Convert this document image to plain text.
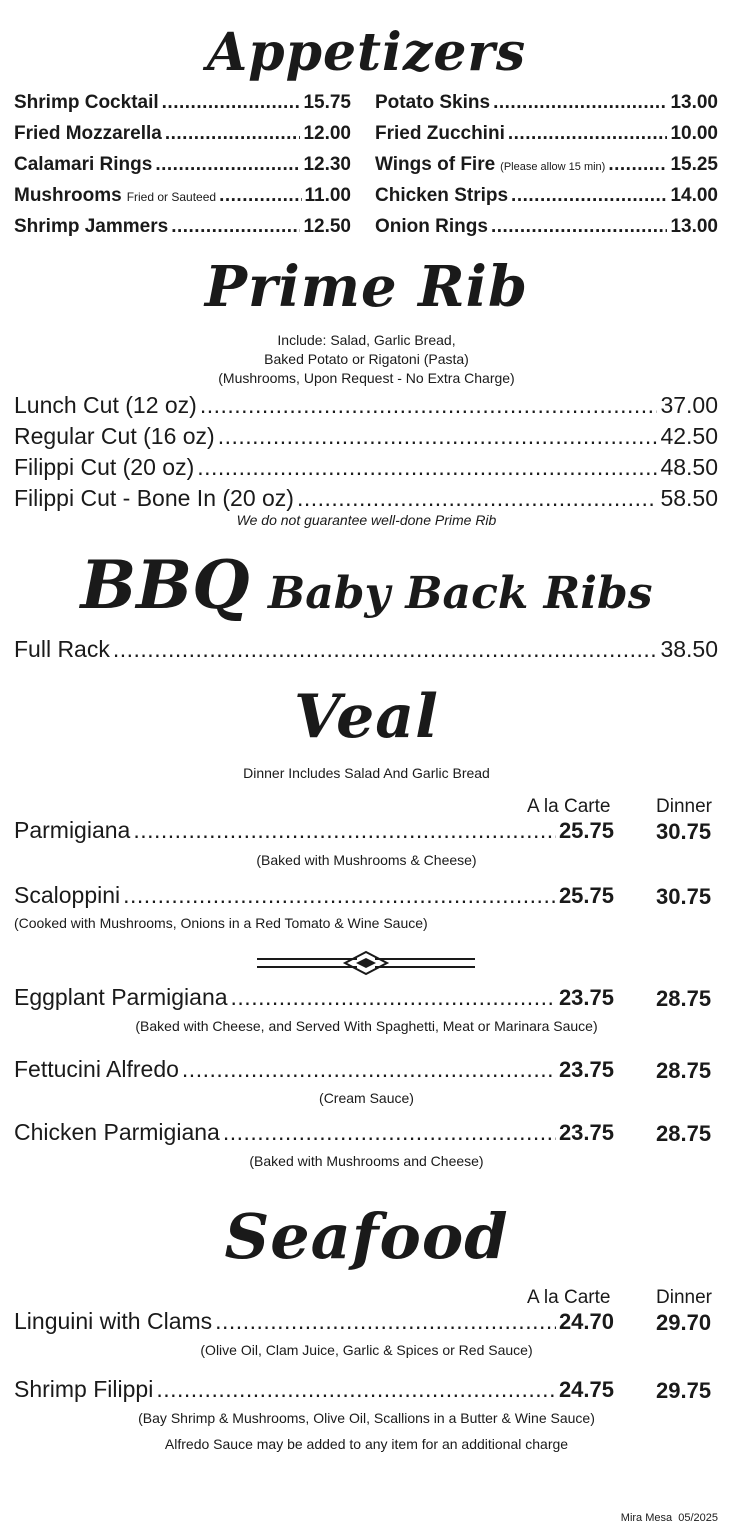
Appetizers
Shrimp Cocktail .....	15.75
Fried Mozzarella .....	12.00
Calamari Rings .....	12.30
Mushrooms Fried or Sauteed .....	11.00
Shrimp Jammers .....	12.50
Potato Skins .....	13.00
Fried Zucchini .....	10.00
Wings of Fire (Please allow 15 min) .....	15.25
Chicken Strips .....	14.00
Onion Rings .....	13.00
Prime Rib
Include: Salad, Garlic Bread,
Baked Potato or Rigatoni (Pasta)
(Mushrooms, Upon Request - No Extra Charge)
Lunch Cut (12 oz) .....	37.00
Regular Cut (16 oz) .....	42.50
Filippi Cut (20 oz) .....	48.50
Filippi Cut - Bone In (20 oz) .....	58.50
We do not guarantee well-done Prime Rib
BBQ Baby Back Ribs
Full Rack .....	38.50
Veal
Dinner Includes Salad And Garlic Bread
A la Carte Dinner
Parmigiana .....	25.75 30.75
(Baked with Mushrooms & Cheese)
Scaloppini .....	25.75 30.75
(Cooked with Mushrooms, Onions in a Red Tomato & Wine Sauce)
Eggplant Parmigiana .....	23.75 28.75
(Baked with Cheese, and Served With Spaghetti, Meat or Marinara Sauce)
Fettucini Alfredo .....	23.75 28.75
(Cream Sauce)
Chicken Parmigiana .....	23.75 28.75
(Baked with Mushrooms and Cheese)
Seafood
A la Carte Dinner
Linguini with Clams .....	24.70 29.70
(Olive Oil, Clam Juice, Garlic & Spices or Red Sauce)
Shrimp Filippi .....	24.75 29.75
(Bay Shrimp & Mushrooms, Olive Oil, Scallions in a Butter & Wine Sauce)
Alfredo Sauce may be added to any item for an additional charge
Mira Mesa  05/2025
